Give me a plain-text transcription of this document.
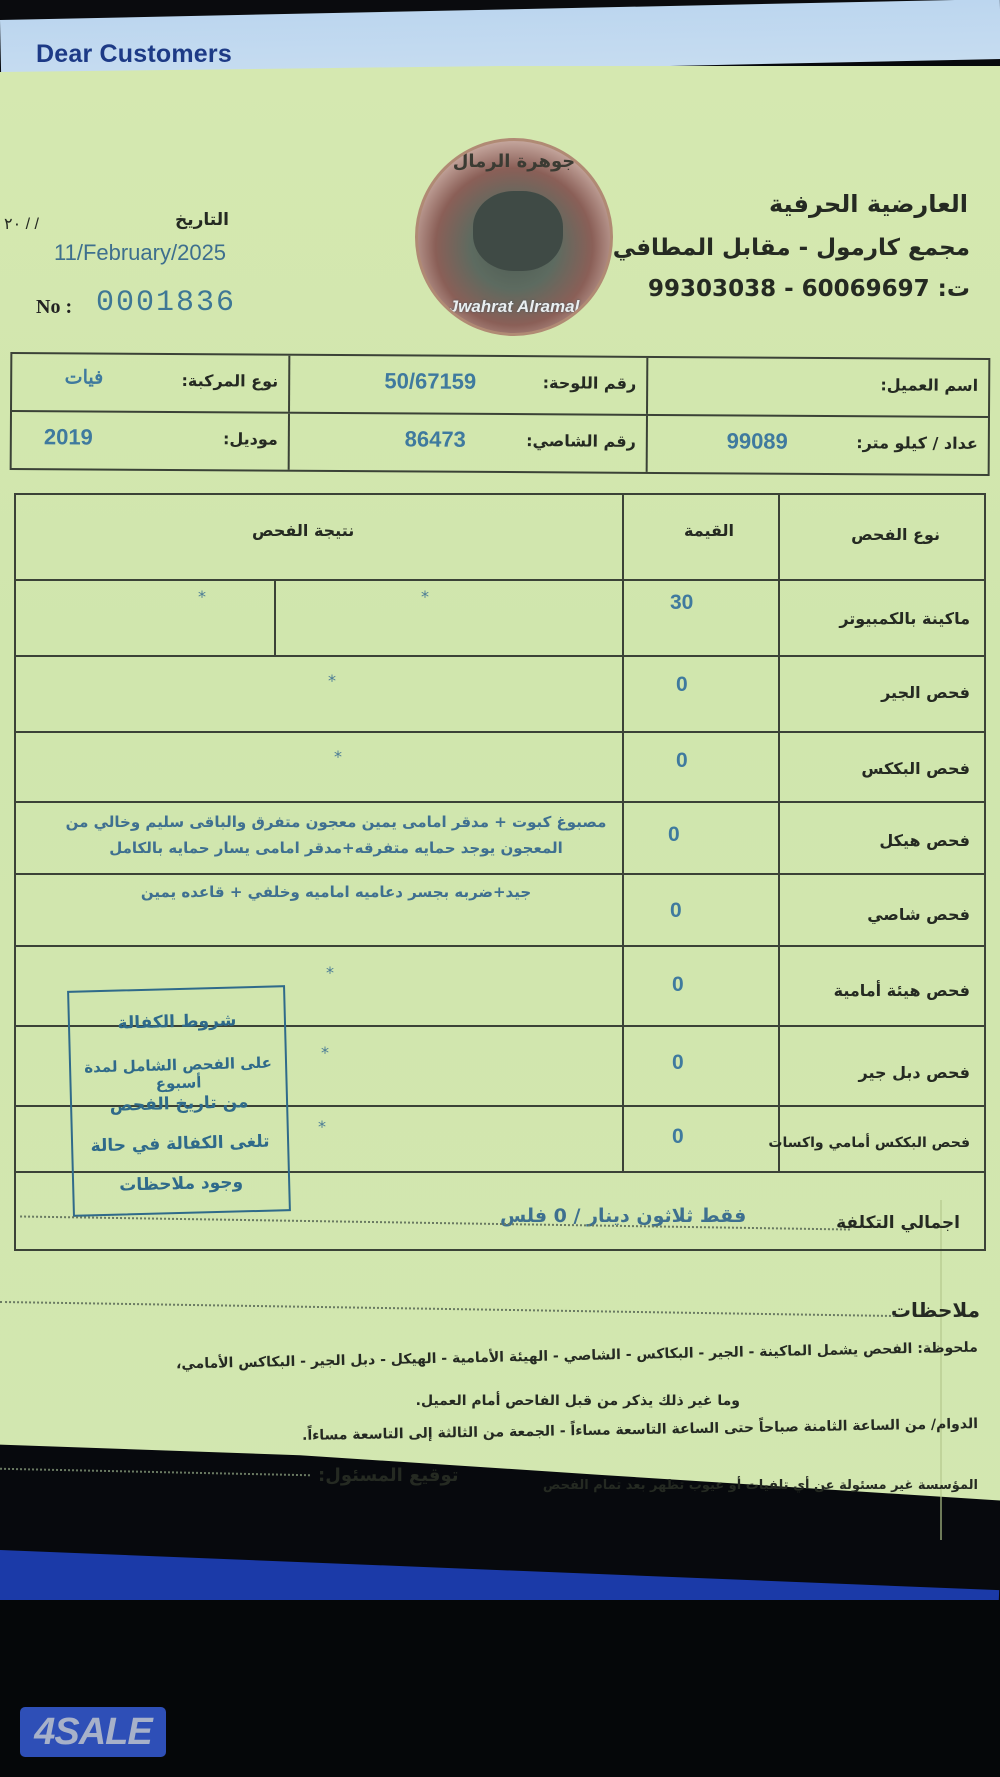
Dear Customers
٢٠ / /	التاريخ
11/February/2025
No : 0001836
جوهرة الرمال
Jwahrat Alramal
العارضية الحرفية
مجمع كارمول - مقابل المطافي
ت: 60069697 - 99303038
اسم العميل:
رقم اللوحة:
50/67159
نوع المركبة:
فيات
عداد / كيلو متر:
99089
رقم الشاصي:
86473
موديل:
2019
نوع الفحص
القيمة
نتيجة الفحص
ماكينة بالكمبيوتر
30
*
*
فحص الجير
0
*
فحص البككس
0
*
فحص هيكل
0
مصبوغ كبوت + مدقر امامى يمين معجون متفرق والباقى سليم وخالي من المعجون يوجد حمايه متفرقه+مدقر امامى يسار حمايه بالكامل
فحص شاصي
0
جيد+ضربه بجسر دعاميه اماميه وخلفي + قاعده يمين
فحص هيئة أمامية
0
*
فحص دبل جير
0
*
فحص البككس أمامي واكسات
0
*
شروط الكفالة
على الفحص الشامل لمدة أسبوع
من تاريخ الفحص
تلغى الكفالة في حالة
وجود ملاحظات
اجمالي التكلفة
فقط ثلاثون دينار / 0 فلس
ملاحظات
ملحوظة: الفحص يشمل الماكينة - الجير - البكاكس - الشاصي - الهيئة الأمامية - الهيكل - دبل الجير - البكاكس الأمامي،
وما غير ذلك يذكر من قبل الفاحص أمام العميل.
الدوام/ من الساعة الثامنة صباحاً حتى الساعة التاسعة مساءاً - الجمعة من الثالثة إلى التاسعة مساءاً.
المؤسسة غير مسئولة عن أي تلفيات أو عيوب تظهر بعد تمام الفحص
توقيع المسئول:
4SALE
